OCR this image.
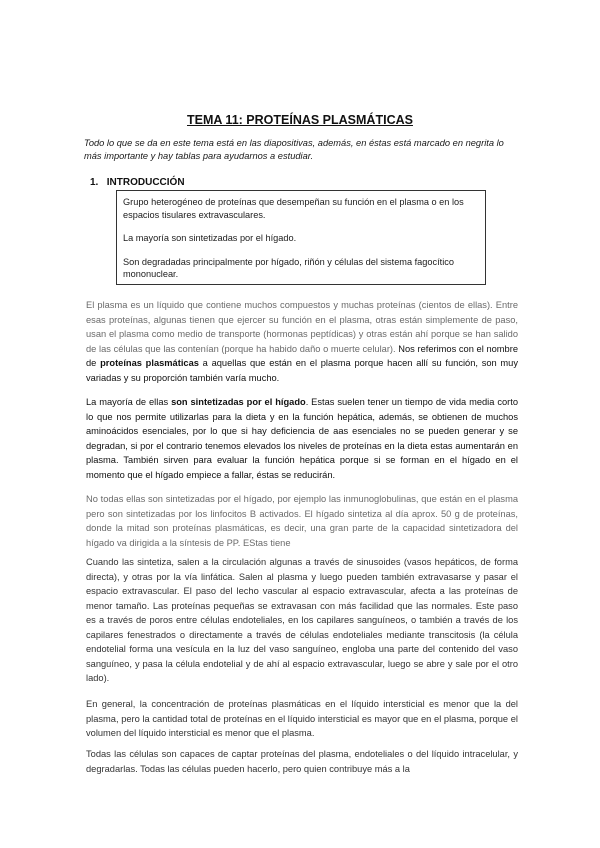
TEMA 11: PROTEÍNAS PLASMÁTICAS
Todo lo que se da en este tema está en las diapositivas, además, en éstas está marcado en negrita lo más importante y hay tablas para ayudarnos a estudiar.
1. INTRODUCCIÓN

Grupo heterogéneo de proteínas que desempeñan su función en el plasma o en los espacios tisulares extravasculares.

La mayoría son sintetizadas por el hígado.

Son degradadas principalmente por hígado, riñón y células del sistema fagocítico mononuclear.

El plasma es un líquido que contiene muchos compuestos y muchas proteínas (cientos de ellas). Entre esas proteínas, algunas tienen que ejercer su función en el plasma, otras están simplemente de paso, usan el plasma como medio de transporte (hormonas peptídicas) y otras están ahí porque se han salido de las células que las contenían (porque ha habido daño o muerte celular). Nos referimos con el nombre de proteínas plasmáticas a aquellas que están en el plasma porque hacen allí su función, son muy variadas y su proporción también varía mucho.
La mayoría de ellas son sintetizadas por el hígado. Estas suelen tener un tiempo de vida media corto lo que nos permite utilizarlas para la dieta y en la función hepática, además, se obtienen de muchos aminoácidos esenciales, por lo que si hay deficiencia de aas esenciales no se pueden generar y se degradan, si por el contrario tenemos elevados los niveles de proteínas en la dieta estas aumentarán en plasma. También sirven para evaluar la función hepática porque si se forman en el hígado en el momento que el hígado empiece a fallar, éstas se reducirán.
No todas ellas son sintetizadas por el hígado, por ejemplo las inmunoglobulinas, que están en el plasma pero son sintetizadas por los linfocitos B activados. El hígado sintetiza al día aprox. 50 g de proteínas, donde la mitad son proteínas plasmáticas, es decir, una gran parte de la capacidad sintetizadora del hígado va dirigida a la síntesis de PP. EStas tiene
Cuando las sintetiza, salen a la circulación algunas a través de sinusoides (vasos hepáticos, de forma directa), y otras por la vía linfática. Salen al plasma y luego pueden también extravasarse y pasar el espacio extravascular. El paso del lecho vascular al espacio extravascular, afecta a las proteínas de menor tamaño. Las proteínas pequeñas se extravasan con más facilidad que las normales. Este paso es a través de poros entre células endoteliales, en los capilares sanguíneos, o también a través de los capilares fenestrados o directamente a través de células endoteliales mediante transcitosis (la célula endotelial forma una vesícula en la luz del vaso sanguíneo, engloba una parte del contenido del vaso sanguíneo, y pasa la célula endotelial y de ahí al espacio extravascular, luego se abre y sale por el otro lado).
En general, la concentración de proteínas plasmáticas en el líquido intersticial es menor que la del plasma, pero la cantidad total de proteínas en el líquido intersticial es mayor que en el plasma, porque el volumen del líquido intersticial es menor que el plasma.
Todas las células son capaces de captar proteínas del plasma, endoteliales o del líquido intracelular, y degradarlas. Todas las células pueden hacerlo, pero quien contribuye más a la
